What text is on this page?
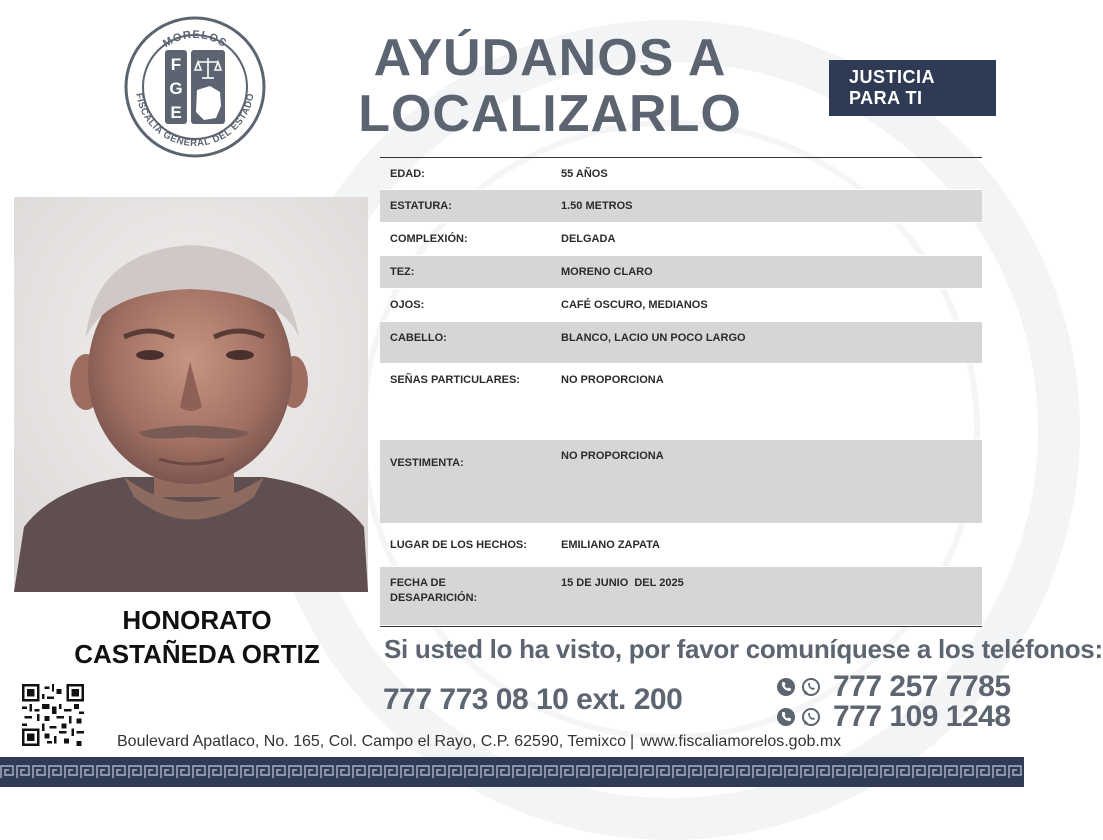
MORELOS
FISCALÍA GENERAL DEL ESTADO
F
G
E
AYÚDANOS A
LOCALIZARLO
JUSTICIA
PARA TI
HONORATO
CASTAÑEDA ORTIZ
EDAD:	55 AÑOS
ESTATURA:	1.50 METROS
COMPLEXIÓN:	DELGADA
TEZ:	MORENO CLARO
OJOS:	CAFÉ OSCURO, MEDIANOS
CABELLO:	BLANCO, LACIO UN POCO LARGO
SEÑAS PARTICULARES:	NO PROPORCIONA
VESTIMENTA:
NO PROPORCIONA
LUGAR DE LOS HECHOS:	EMILIANO ZAPATA
FECHA DE
DESAPARICIÓN:
15 DE JUNIO  DEL 2025
Si usted lo ha visto, por favor comuníquese a los teléfonos:
777 773 08 10 ext. 200	777 257 7785
777 109 1248
Boulevard Apatlaco, No. 165, Col. Campo el Rayo, C.P. 62590, Temixco | www.fiscaliamorelos.gob.mx
